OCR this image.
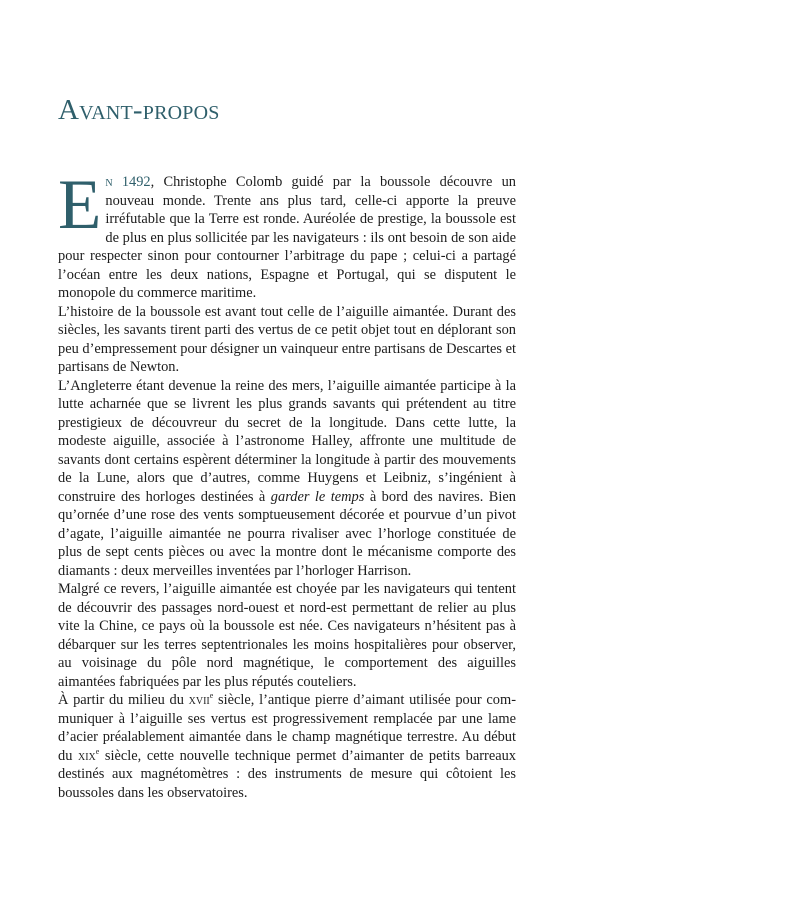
Avant-propos

En 1492, Christophe Colomb guidé par la boussole découvre un nouveau monde. Trente ans plus tard, celle-ci apporte la preuve irréfutable que la Terre est ronde. Auréolée de prestige, la boussole est de plus en plus sollicitée par les navigateurs : ils ont besoin de son aide pour respecter sinon pour contourner l’arbitrage du pape ; celui-ci a partagé l’océan entre les deux nations, Espagne et Portugal, qui se disputent le monopole du commerce maritime.

L’histoire de la boussole est avant tout celle de l’aiguille aimantée. Durant des siècles, les savants tirent parti des vertus de ce petit objet tout en déplorant son peu d’empressement pour désigner un vainqueur entre partisans de Descartes et partisans de Newton.

L’Angleterre étant devenue la reine des mers, l’aiguille aimantée participe à la lutte acharnée que se livrent les plus grands savants qui prétendent au titre prestigieux de découvreur du secret de la longitude. Dans cette lutte, la modeste aiguille, associée à l’astronome Halley, affronte une multitude de savants dont certains espèrent déterminer la longitude à partir des mouvements de la Lune, alors que d’autres, comme Huygens et Leibniz, s’ingénient à construire des horloges destinées à garder le temps à bord des navires. Bien qu’ornée d’une rose des vents somptueusement décorée et pourvue d’un pivot d’agate, l’aiguille aimantée ne pourra rivaliser avec l’horloge constituée de plus de sept cents pièces ou avec la montre dont le mécanisme comporte des diamants : deux merveilles inventées par l’horloger Harrison.

Malgré ce revers, l’aiguille aimantée est choyée par les navigateurs qui tentent de découvrir des passages nord-ouest et nord-est permettant de relier au plus vite la Chine, ce pays où la boussole est née. Ces navigateurs n’hésitent pas à débarquer sur les terres septentrionales les moins hospitalières pour observer, au voisinage du pôle nord magnétique, le comportement des aiguilles aimantées fabriquées par les plus réputés couteliers.

À partir du milieu du xvii$^e$ siècle, l’antique pierre d’aimant utilisée pour communiquer à l’aiguille ses vertus est progressivement remplacée par une lame d’acier préalablement aimantée dans le champ magnétique terrestre. Au début du xix$^e$ siècle, cette nouvelle technique permet d’aimanter de petits barreaux destinés aux magnétomètres : des instruments de mesure qui côtoient les boussoles dans les observatoires.
